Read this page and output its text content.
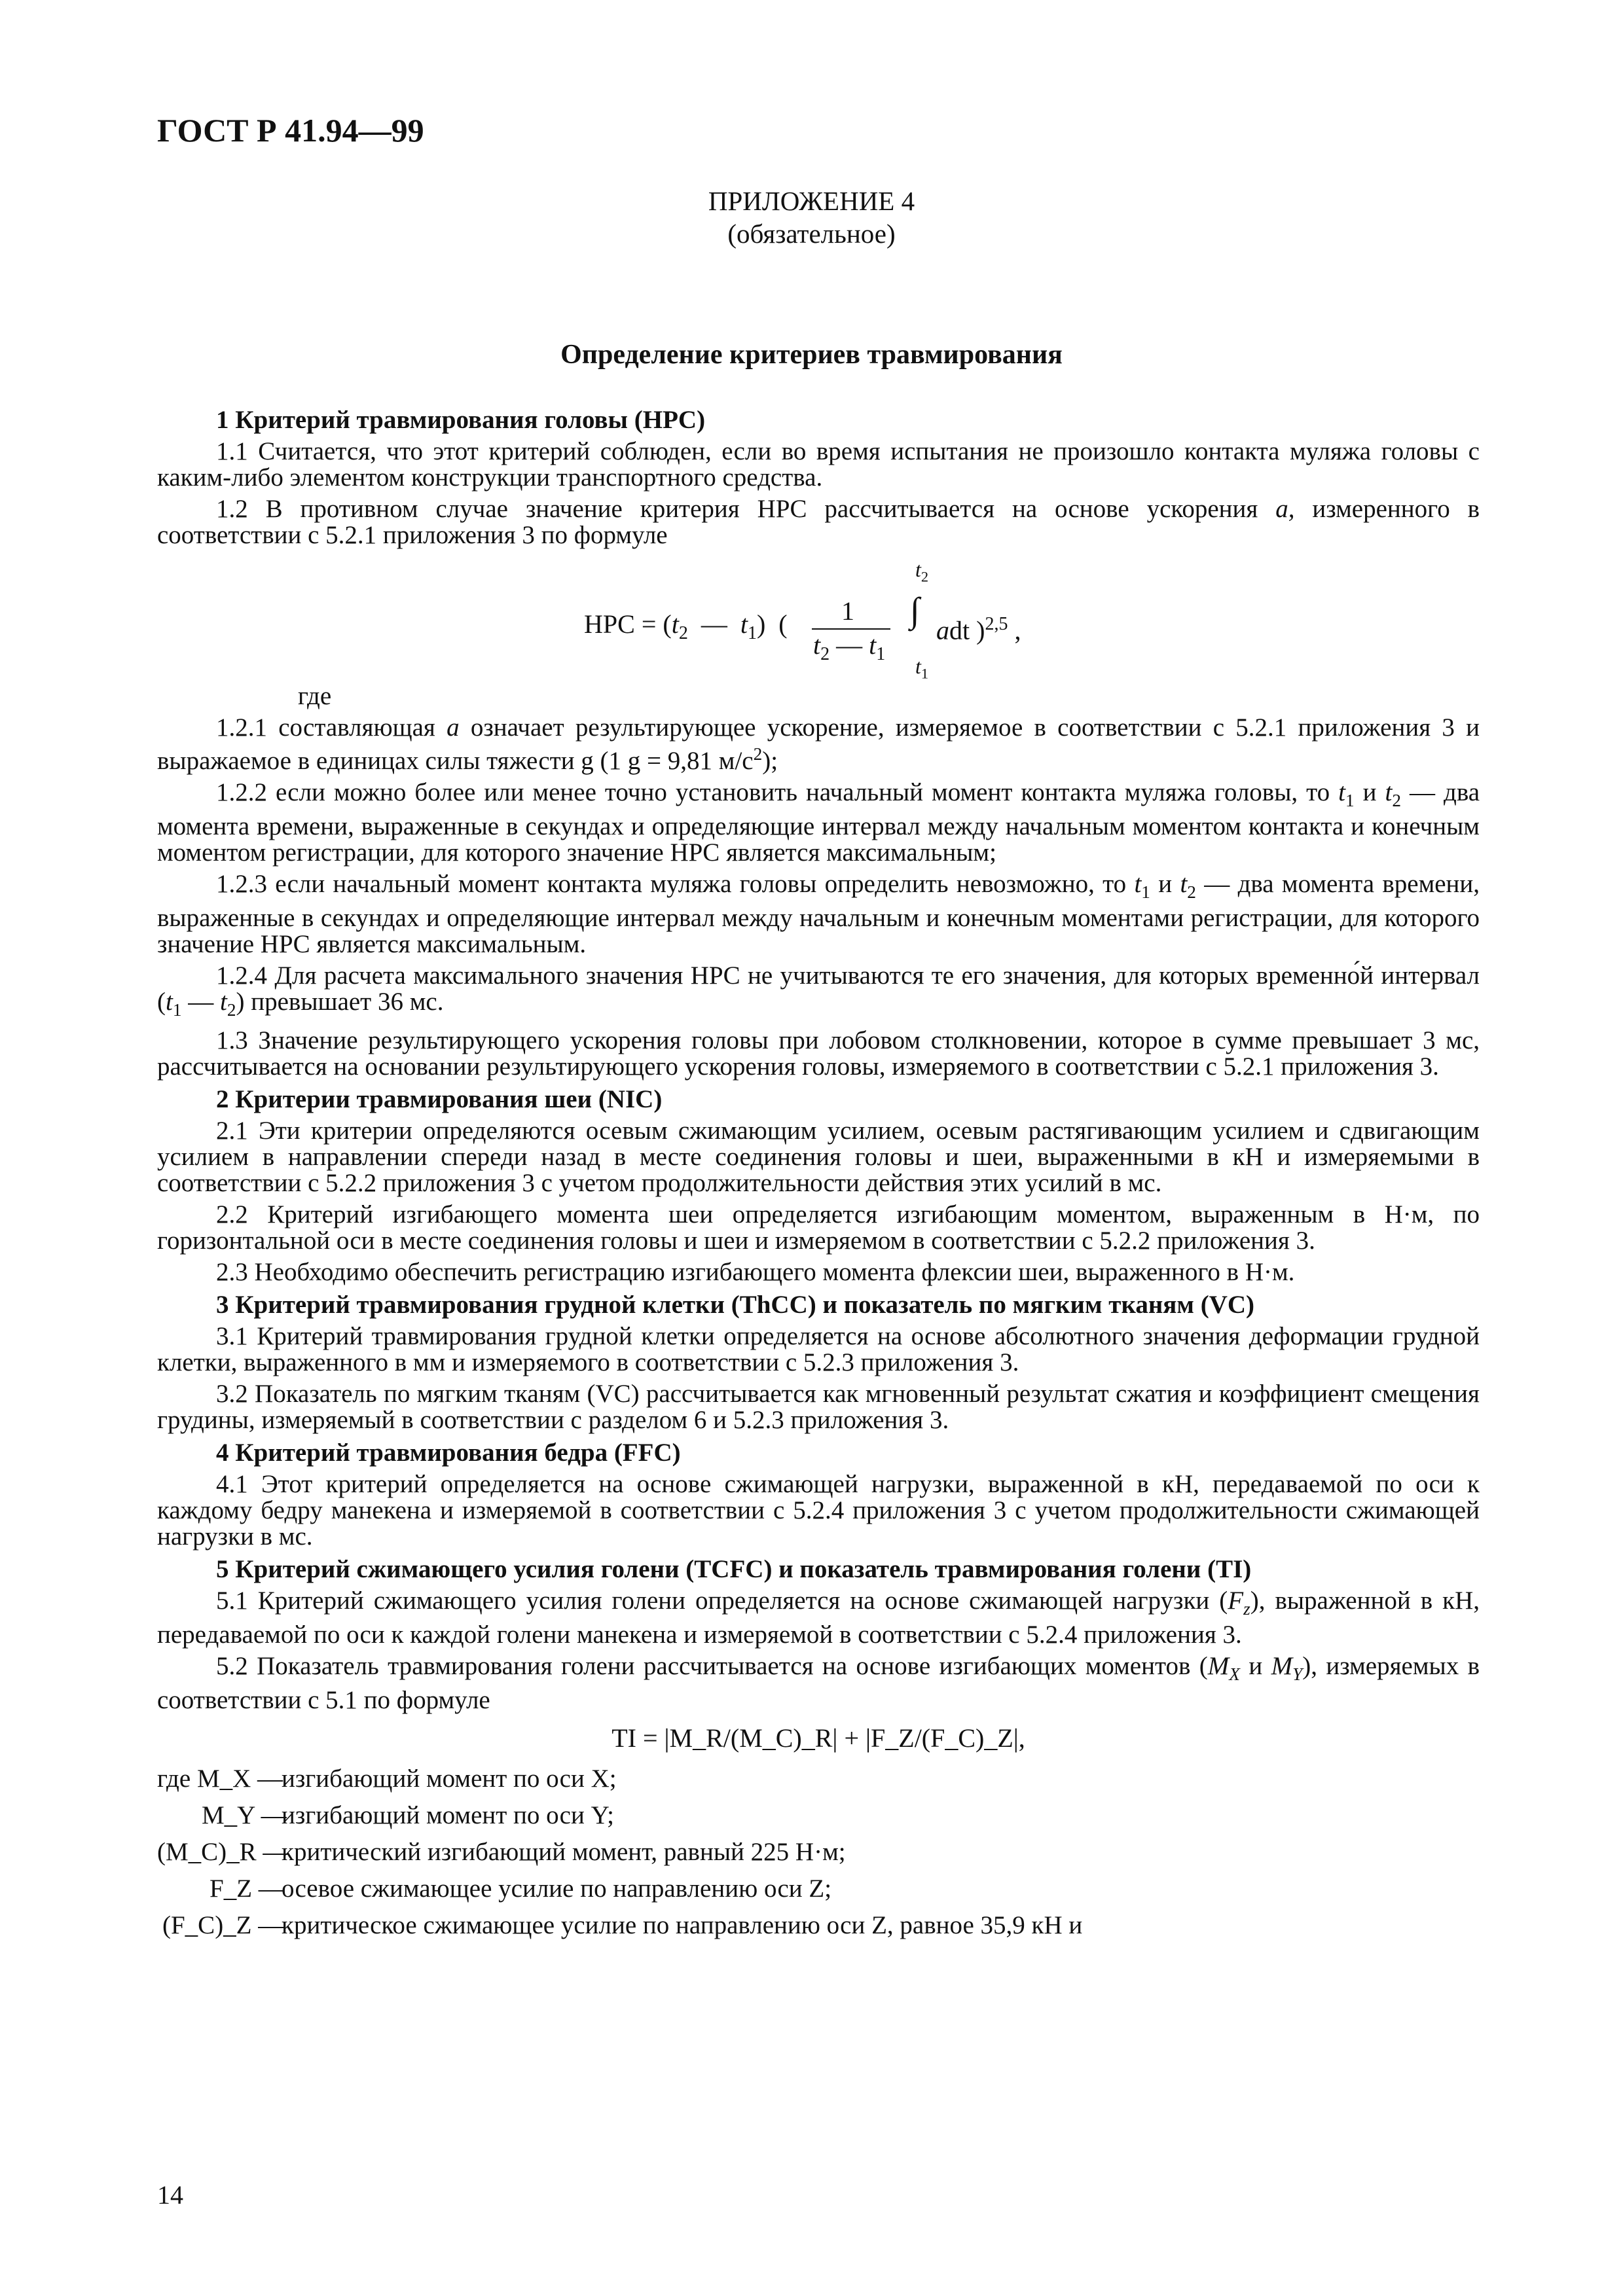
ГОСТ Р 41.94—99
ПРИЛОЖЕНИЕ 4
(обязательное)
Определение критериев травмирования
1 Критерий травмирования головы (HPC)
1.1 Считается, что этот критерий соблюден, если во время испытания не произошло контакта муляжа головы с каким-либо элементом конструкции транспортного средства.
1.2 В противном случае значение критерия HPC рассчитывается на основе ускорения a, измеренного в соответствии с 5.2.1 приложения 3 по формуле
HPC = ($t_2$ — $t_1$) (	1
$t_2$ — $t_1$
$t_2$
∫
$t_1$
adt )$^{2,5}$ ,
где
1.2.1 составляющая a означает результирующее ускорение, измеряемое в соответствии с 5.2.1 приложения 3 и выражаемое в единицах силы тяжести g (1 g = 9,81 $м/с^2$);
1.2.2 если можно более или менее точно установить начальный момент контакта муляжа головы, то $t_1$ и $t_2$ — два момента времени, выраженные в секундах и определяющие интервал между начальным моментом контакта и конечным моментом регистрации, для которого значение HPC является максимальным;
1.2.3 если начальный момент контакта муляжа головы определить невозможно, то $t_1$ и $t_2$ — два момента времени, выраженные в секундах и определяющие интервал между начальным и конечным моментами регистрации, для которого значение HPC является максимальным.
1.2.4 Для расчета максимального значения HPC не учитываются те его значения, для которых временно́й интервал ($t_1$ — $t_2$) превышает 36 мс.
1.3 Значение результирующего ускорения головы при лобовом столкновении, которое в сумме превышает 3 мс, рассчитывается на основании результирующего ускорения головы, измеряемого в соответствии с 5.2.1 приложения 3.
2 Критерии травмирования шеи (NIC)
2.1 Эти критерии определяются осевым сжимающим усилием, осевым растягивающим усилием и сдвигающим усилием в направлении спереди назад в месте соединения головы и шеи, выраженными в кН и измеряемыми в соответствии с 5.2.2 приложения 3 с учетом продолжительности действия этих усилий в мс.
2.2 Критерий изгибающего момента шеи определяется изгибающим моментом, выраженным в Н·м, по горизонтальной оси в месте соединения головы и шеи и измеряемом в соответствии с 5.2.2 приложения 3.
2.3 Необходимо обеспечить регистрацию изгибающего момента флексии шеи, выраженного в Н·м.
3 Критерий травмирования грудной клетки (ThCC) и показатель по мягким тканям (VC)
3.1 Критерий травмирования грудной клетки определяется на основе абсолютного значения деформации грудной клетки, выраженного в мм и измеряемого в соответствии с 5.2.3 приложения 3.
3.2 Показатель по мягким тканям (VC) рассчитывается как мгновенный результат сжатия и коэффициент смещения грудины, измеряемый в соответствии с разделом 6 и 5.2.3 приложения 3.
4 Критерий травмирования бедра (FFC)
4.1 Этот критерий определяется на основе сжимающей нагрузки, выраженной в кН, передаваемой по оси к каждому бедру манекена и измеряемой в соответствии с 5.2.4 приложения 3 с учетом продолжительности сжимающей нагрузки в мс.
5 Критерий сжимающего усилия голени (TCFC) и показатель травмирования голени (TI)
5.1 Критерий сжимающего усилия голени определяется на основе сжимающей нагрузки $(F_z)$, выраженной в кН, передаваемой по оси к каждой голени манекена и измеряемой в соответствии с 5.2.4 приложения 3.
5.2 Показатель травмирования голени рассчитывается на основе изгибающих моментов ($M_X$ и $M_Y$), измеряемых в соответствии с 5.1 по формуле
TI = |M_R/(M_C)_R| + |F_Z/(F_C)_Z|,
где M_X —
изгибающий момент по оси X;
M_Y —
изгибающий момент по оси Y;
(M_C)_R —
критический изгибающий момент, равный 225 Н·м;
F_Z —
осевое сжимающее усилие по направлению оси Z;
(F_C)_Z —
критическое сжимающее усилие по направлению оси Z, равное 35,9 кН и
14
